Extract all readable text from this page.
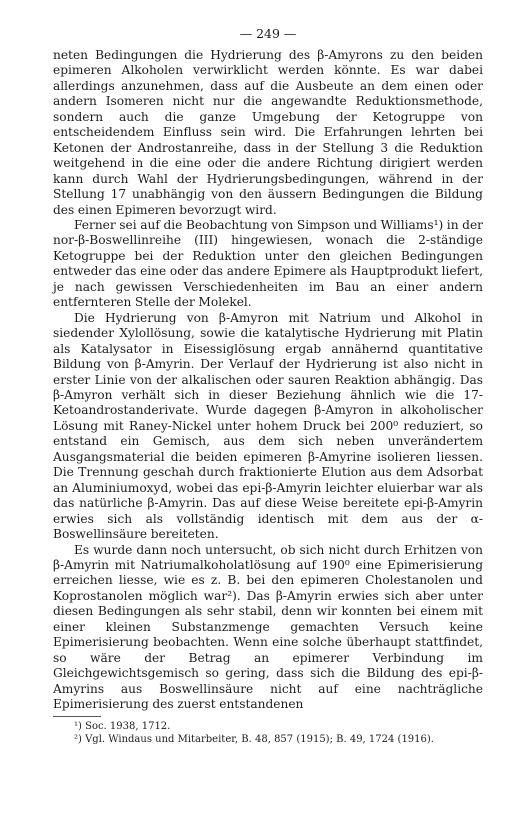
— 249 —

neten Bedingungen die Hydrierung des β-Amyrons zu den beiden epimeren Alkoholen verwirklicht werden könnte. Es war dabei allerdings anzunehmen, dass auf die Ausbeute an dem einen oder andern Isomeren nicht nur die angewandte Reduktionsmethode, sondern auch die ganze Umgebung der Ketogruppe von entscheidendem Einfluss sein wird. Die Erfahrungen lehrten bei Ketonen der Androstanreihe, dass in der Stellung 3 die Reduktion weitgehend in die eine oder die andere Richtung dirigiert werden kann durch Wahl der Hydrierungsbedingungen, während in der Stellung 17 unabhängig von den äussern Bedingungen die Bildung des einen Epimeren bevorzugt wird.

Ferner sei auf die Beobachtung von Simpson und Williams¹) in der nor-β-Boswellinreihe (III) hingewiesen, wonach die 2-ständige Ketogruppe bei der Reduktion unter den gleichen Bedingungen entweder das eine oder das andere Epimere als Hauptprodukt liefert, je nach gewissen Verschiedenheiten im Bau an einer andern entfernteren Stelle der Molekel.

Die Hydrierung von β-Amyron mit Natrium und Alkohol in siedender Xylollösung, sowie die katalytische Hydrierung mit Platin als Katalysator in Eisessiglösung ergab annähernd quantitative Bildung von β-Amyrin. Der Verlauf der Hydrierung ist also nicht in erster Linie von der alkalischen oder sauren Reaktion abhängig. Das β-Amyron verhält sich in dieser Beziehung ähnlich wie die 17-Ketoandrostanderivate. Wurde dagegen β-Amyron in alkoholischer Lösung mit Raney-Nickel unter hohem Druck bei 200⁰ reduziert, so entstand ein Gemisch, aus dem sich neben unverändertem Ausgangsmaterial die beiden epimeren β-Amyrine isolieren liessen. Die Trennung geschah durch fraktionierte Elution aus dem Adsorbat an Aluminiumoxyd, wobei das epi-β-Amyrin leichter eluierbar war als das natürliche β-Amyrin. Das auf diese Weise bereitete epi-β-Amyrin erwies sich als vollständig identisch mit dem aus der α-Boswellinsäure bereiteten.

Es wurde dann noch untersucht, ob sich nicht durch Erhitzen von β-Amyrin mit Natriumalkoholatlösung auf 190⁰ eine Epimerisierung erreichen liesse, wie es z. B. bei den epimeren Cholestanolen und Koprostanolen möglich war²). Das β-Amyrin erwies sich aber unter diesen Bedingungen als sehr stabil, denn wir konnten bei einem mit einer kleinen Substanzmenge gemachten Versuch keine Epimerisierung beobachten. Wenn eine solche überhaupt stattfindet, so wäre der Betrag an epimerer Verbindung im Gleichgewichtsgemisch so gering, dass sich die Bildung des epi-β-Amyrins aus Boswellinsäure nicht auf eine nachträgliche Epimerisierung des zuerst entstandenen

¹) Soc. 1938, 1712.

²) Vgl. Windaus und Mitarbeiter, B. 48, 857 (1915); B. 49, 1724 (1916).
